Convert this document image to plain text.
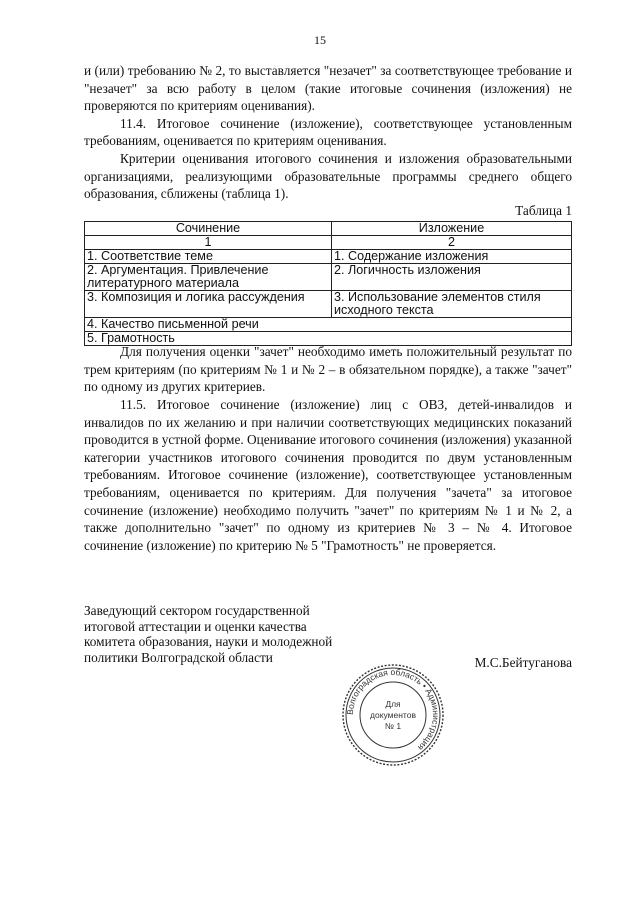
15

и (или) требованию № 2, то выставляется "незачет" за соответствующее требование и "незачет" за всю работу в целом (такие итоговые сочинения (изложения) не проверяются по критериям оценивания).

11.4. Итоговое сочинение (изложение), соответствующее установленным требованиям, оценивается по критериям оценивания.

Критерии оценивания итогового сочинения и изложения образовательными организациями, реализующими образовательные программы среднего общего образования, сближены (таблица 1).

Таблица 1
Сочинение	Изложение
1	2
1. Соответствие теме	1. Содержание изложения
2. Аргументация. Привлечение литературного материала	2. Логичность изложения
3. Композиция и логика рассуждения	3. Использование элементов стиля исходного текста
4. Качество письменной речи	
5. Грамотность	

Для получения оценки "зачет" необходимо иметь положительный результат по трем критериям (по критериям № 1 и № 2 – в обязательном порядке), а также "зачет" по одному из других критериев.

11.5. Итоговое сочинение (изложение) лиц с ОВЗ, детей-инвалидов и инвалидов по их желанию и при наличии соответствующих медицинских показаний проводится в устной форме. Оценивание итогового сочинения (изложения) указанной категории участников итогового сочинения проводится по двум установленным требованиям. Итоговое сочинение (изложение), соответствующее установленным требованиям, оценивается по критериям. Для получения "зачета" за итоговое сочинение (изложение) необходимо получить "зачет" по критериям № 1 и № 2, а также дополнительно "зачет" по одному из критериев № 3 – № 4. Итоговое сочинение (изложение) по критерию № 5 "Грамотность" не проверяется.

Заведующий сектором государственной
итоговой аттестации и оценки качества
комитета образования, науки и молодежной
политики Волгоградской области	М.С.Бейтуганова
Волгоградская область • Администрация
Для
документов
№ 1
